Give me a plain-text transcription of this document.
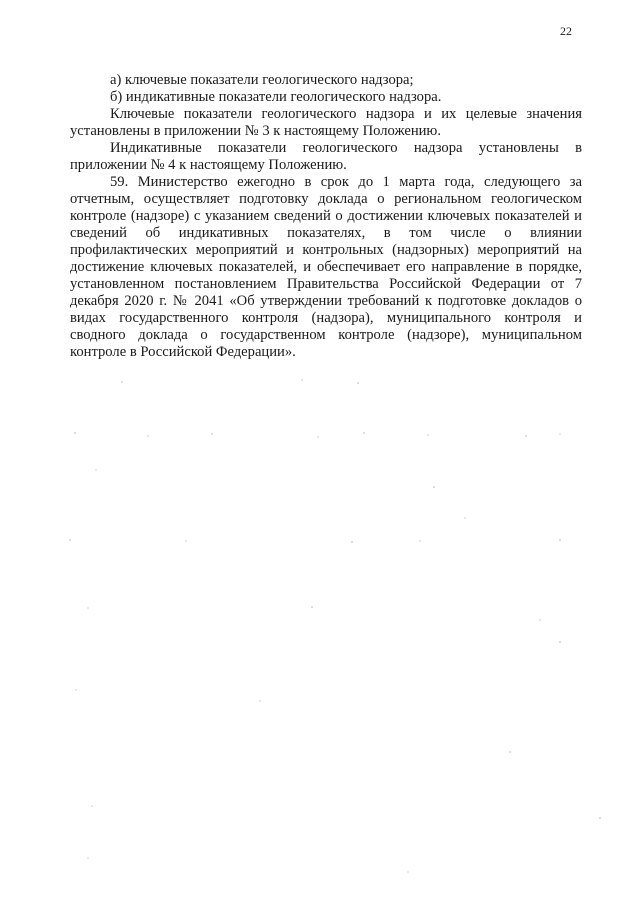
22

а) ключевые показатели геологического надзора;

б) индикативные показатели геологического надзора.

Ключевые показатели геологического надзора и их целевые значения установлены в приложении № 3 к настоящему Положению.

Индикативные показатели геологического надзора установлены в приложении № 4 к настоящему Положению.

59. Министерство ежегодно в срок до 1 марта года, следующего за отчетным, осуществляет подготовку доклада о региональном геологическом контроле (надзоре) с указанием сведений о достижении ключевых показателей и сведений об индикативных показателях, в том числе о влиянии профилактических мероприятий и контрольных (надзорных) мероприятий на достижение ключевых показателей, и обеспечивает его направление в порядке, установленном постановлением Правительства Российской Федерации от 7 декабря 2020 г. № 2041 «Об утверждении требований к подготовке докладов о видах государственного контроля (надзора), муниципального контроля и сводного доклада о государственном контроле (надзоре), муниципальном контроле в Российской Федерации».
